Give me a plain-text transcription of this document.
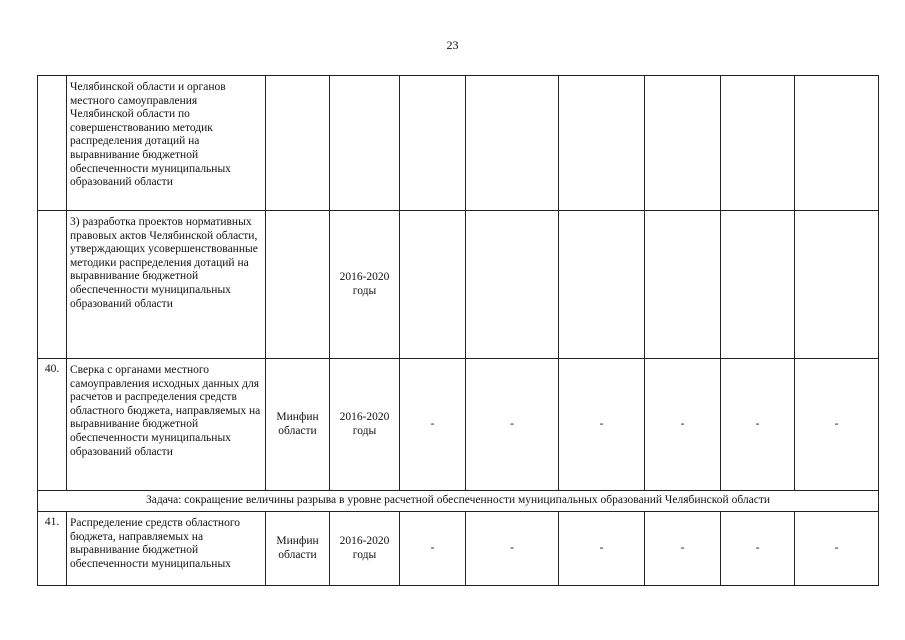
23
	Челябинской области и органов местного самоуправления Челябинской области по совершенствованию методик распределения дотаций на выравнивание бюджетной обеспеченности муниципальных образований области								
	3) разработка проектов нормативных правовых актов Челябинской области, утверждающих усовершенствованные методики распределения дотаций на выравнивание бюджетной обеспеченности муниципальных образований области		2016-2020 годы						
40.	Сверка с органами местного самоуправления исходных данных для расчетов и распределения средств областного бюджета, направляемых на выравнивание бюджетной обеспеченности муниципальных образований области	Минфин области	2016-2020 годы	-	-	-	-	-	-
Задача: сокращение величины разрыва в уровне расчетной обеспеченности муниципальных образований Челябинской области									
41.	Распределение средств областного бюджета, направляемых на выравнивание бюджетной обеспеченности муниципальных	Минфин области	2016-2020 годы	-	-	-	-	-	-
